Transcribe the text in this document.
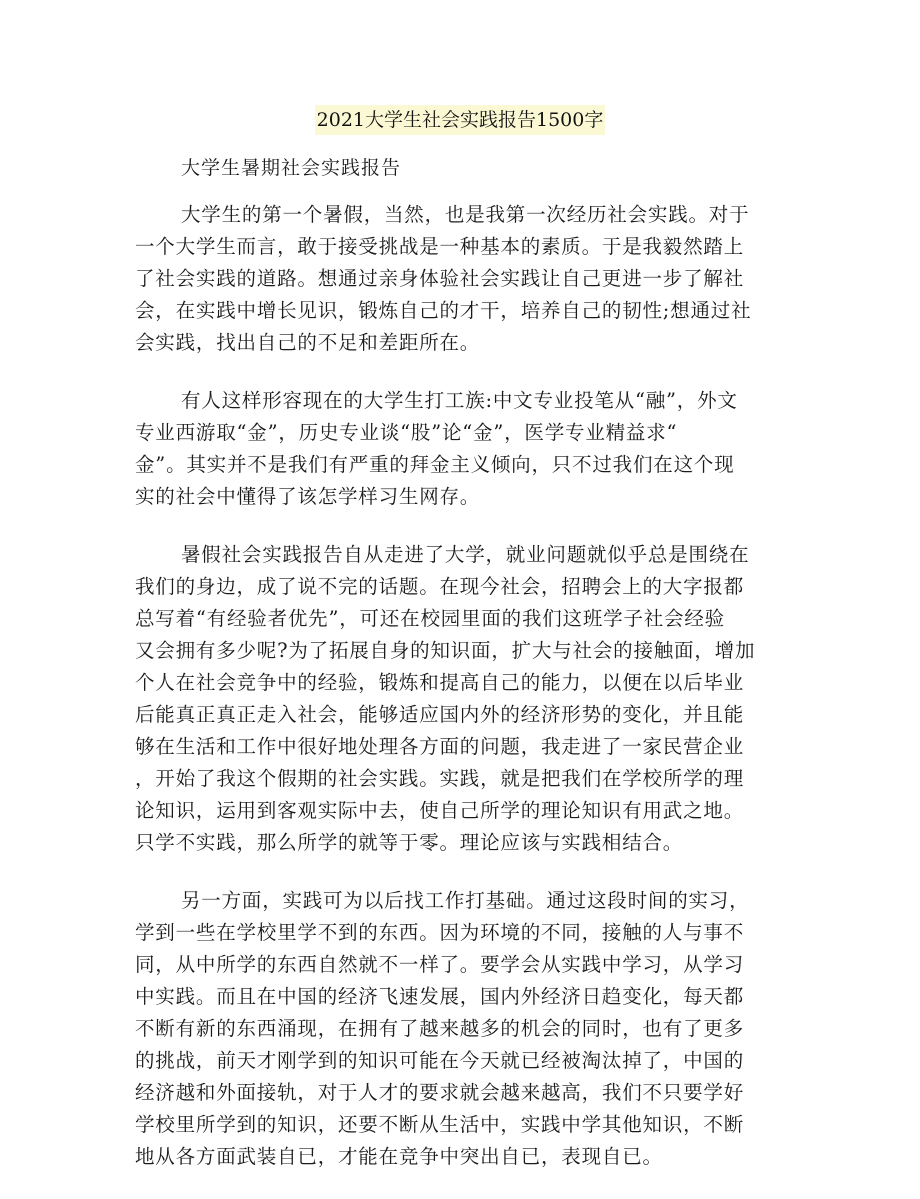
2021大学生社会实践报告1500字
大学生暑期社会实践报告
大学生的第一个暑假，当然，也是我第一次经历社会实践。对于
一个大学生而言，敢于接受挑战是一种基本的素质。于是我毅然踏上
了社会实践的道路。想通过亲身体验社会实践让自己更进一步了解社
会，在实践中增长见识，锻炼自己的才干，培养自己的韧性;想通过社
会实践，找出自己的不足和差距所在。
有人这样形容现在的大学生打工族:中文专业投笔从“融”，外文
专业西游取“金”，历史专业谈“股”论“金”，医学专业精益求“
金”。其实并不是我们有严重的拜金主义倾向，只不过我们在这个现
实的社会中懂得了该怎学样习生网存。
暑假社会实践报告自从走进了大学，就业问题就似乎总是围绕在
我们的身边，成了说不完的话题。在现今社会，招聘会上的大字报都
总写着“有经验者优先”，可还在校园里面的我们这班学子社会经验
又会拥有多少呢?为了拓展自身的知识面，扩大与社会的接触面，增加
个人在社会竞争中的经验，锻炼和提高自己的能力，以便在以后毕业
后能真正真正走入社会，能够适应国内外的经济形势的变化，并且能
够在生活和工作中很好地处理各方面的问题，我走进了一家民营企业
，开始了我这个假期的社会实践。实践，就是把我们在学校所学的理
论知识，运用到客观实际中去，使自己所学的理论知识有用武之地。
只学不实践，那么所学的就等于零。理论应该与实践相结合。
另一方面，实践可为以后找工作打基础。通过这段时间的实习，
学到一些在学校里学不到的东西。因为环境的不同，接触的人与事不
同，从中所学的东西自然就不一样了。要学会从实践中学习，从学习
中实践。而且在中国的经济飞速发展，国内外经济日趋变化，每天都
不断有新的东西涌现，在拥有了越来越多的机会的同时，也有了更多
的挑战，前天才刚学到的知识可能在今天就已经被淘汰掉了，中国的
经济越和外面接轨，对于人才的要求就会越来越高，我们不只要学好
学校里所学到的知识，还要不断从生活中，实践中学其他知识，不断
地从各方面武装自已，才能在竞争中突出自已，表现自已。
